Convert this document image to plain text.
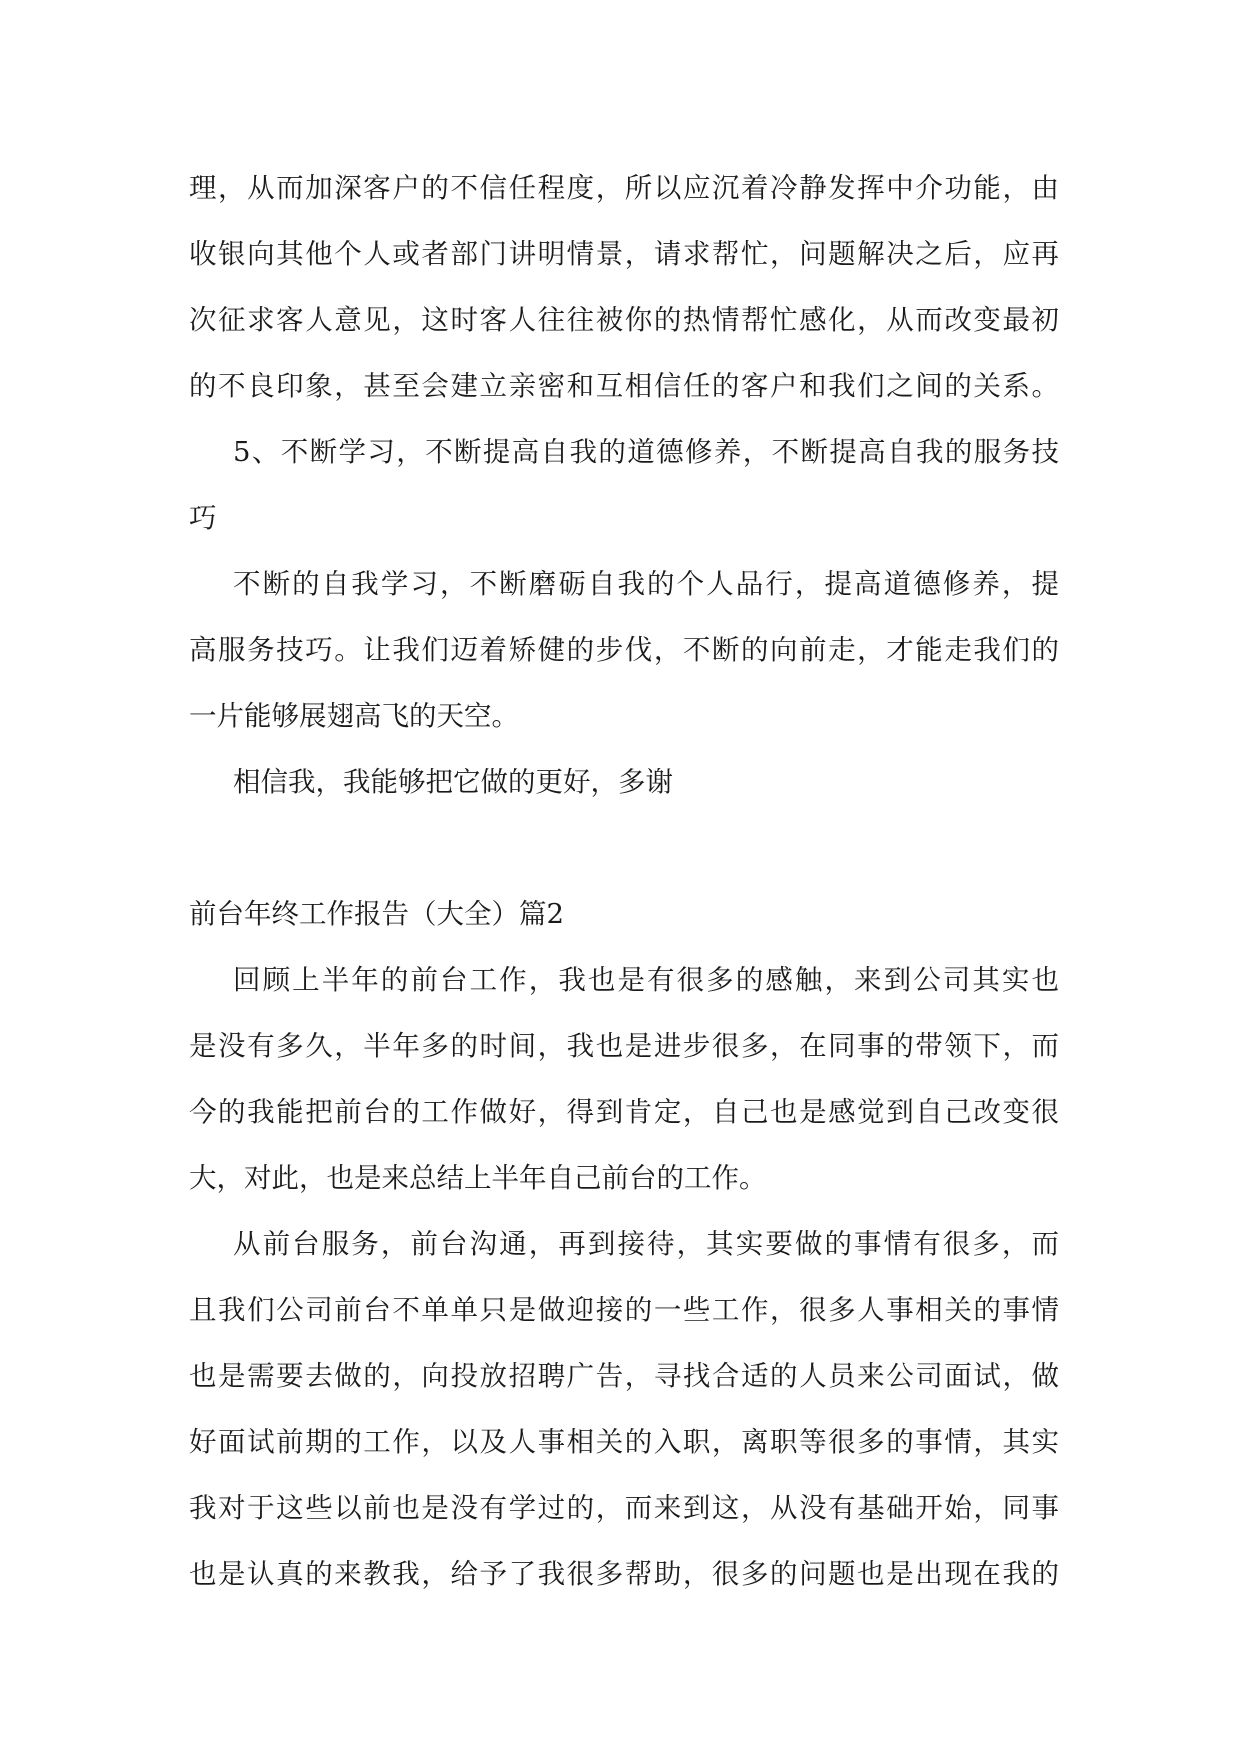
理，从而加深客户的不信任程度，所以应沉着冷静发挥中介功能，由
收银向其他个人或者部门讲明情景，请求帮忙，问题解决之后，应再
次征求客人意见，这时客人往往被你的热情帮忙感化，从而改变最初
的不良印象，甚至会建立亲密和互相信任的客户和我们之间的关系。
5、不断学习，不断提高自我的道德修养，不断提高自我的服务技
巧
不断的自我学习，不断磨砺自我的个人品行，提高道德修养，提
高服务技巧。让我们迈着矫健的步伐，不断的向前走，才能走我们的
一片能够展翅高飞的天空。
相信我，我能够把它做的更好，多谢
前台年终工作报告（大全）篇2
回顾上半年的前台工作，我也是有很多的感触，来到公司其实也
是没有多久，半年多的时间，我也是进步很多，在同事的带领下，而
今的我能把前台的工作做好，得到肯定，自己也是感觉到自己改变很
大，对此，也是来总结上半年自己前台的工作。
从前台服务，前台沟通，再到接待，其实要做的事情有很多，而
且我们公司前台不单单只是做迎接的一些工作，很多人事相关的事情
也是需要去做的，向投放招聘广告，寻找合适的人员来公司面试，做
好面试前期的工作，以及人事相关的入职，离职等很多的事情，其实
我对于这些以前也是没有学过的，而来到这，从没有基础开始，同事
也是认真的来教我，给予了我很多帮助，很多的问题也是出现在我的
